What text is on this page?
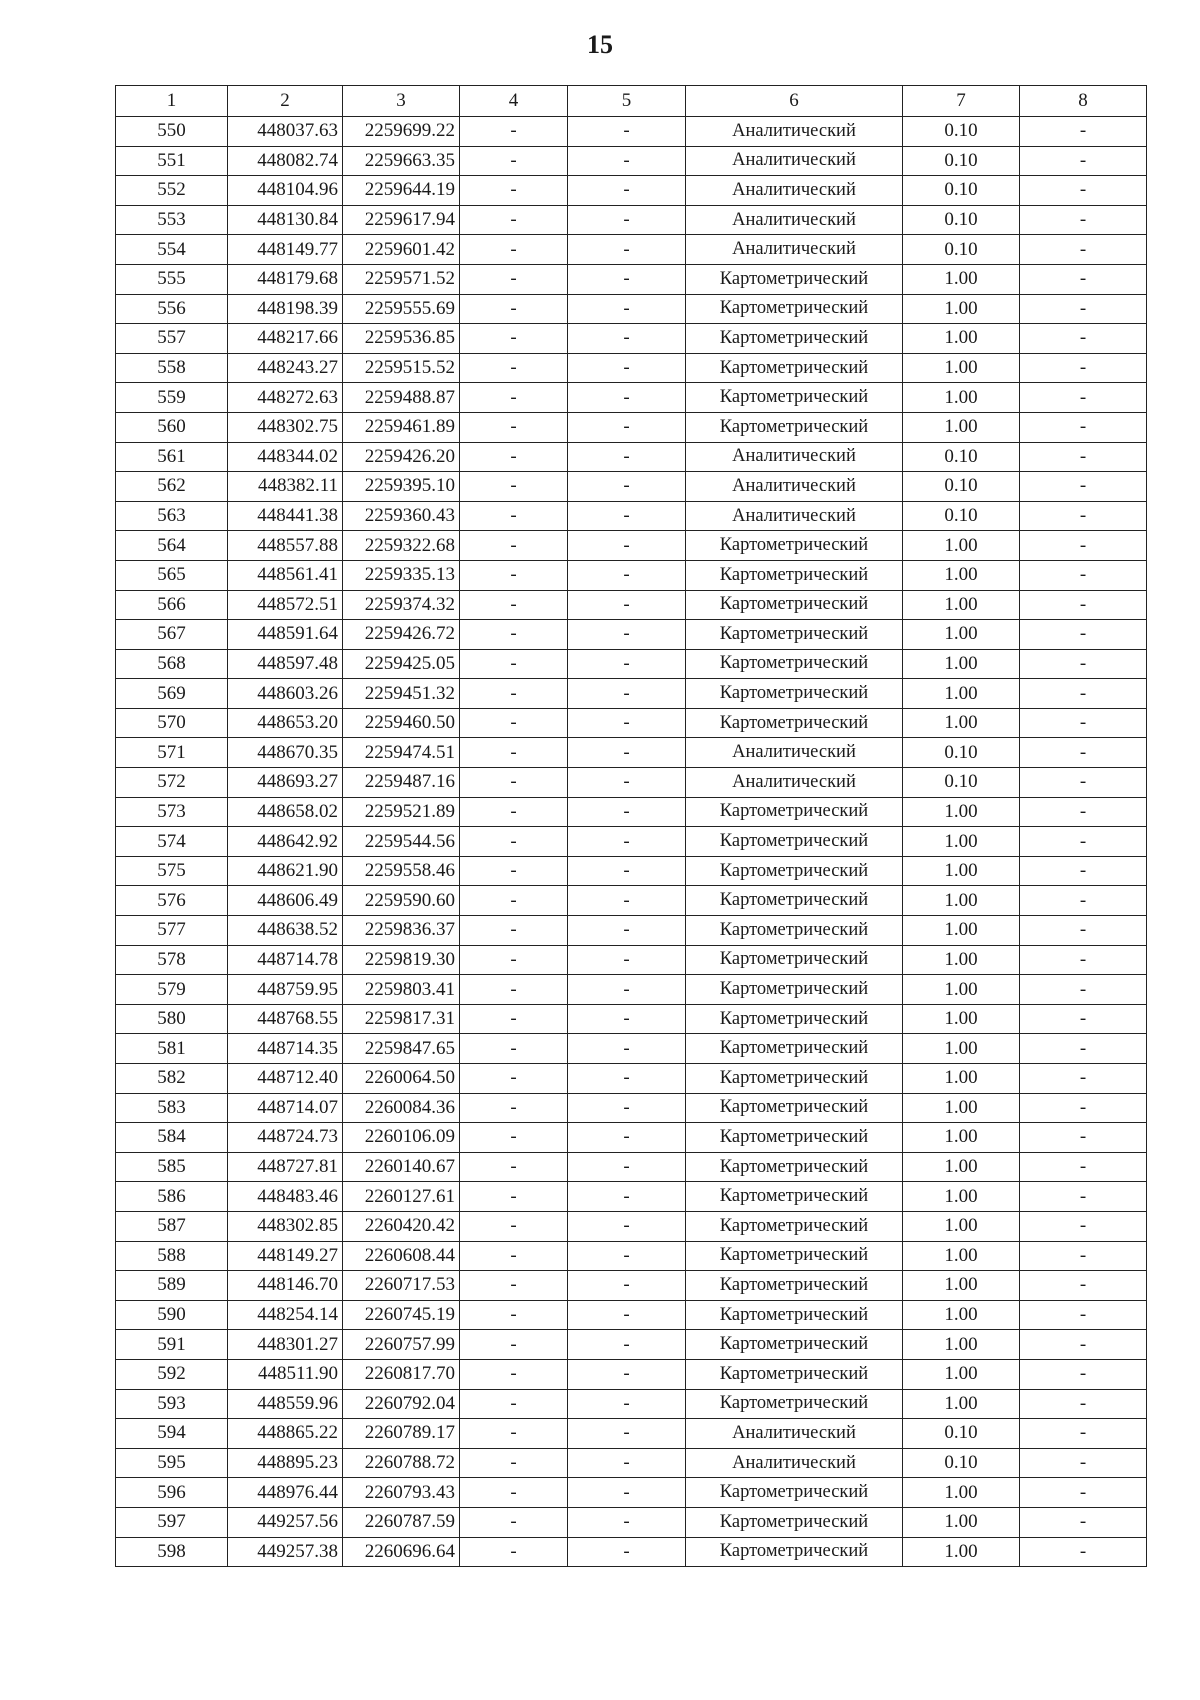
15
1	2	3	4	5	6	7	8
550	448037.63	2259699.22	-	-	Аналитический	0.10	-
551	448082.74	2259663.35	-	-	Аналитический	0.10	-
552	448104.96	2259644.19	-	-	Аналитический	0.10	-
553	448130.84	2259617.94	-	-	Аналитический	0.10	-
554	448149.77	2259601.42	-	-	Аналитический	0.10	-
555	448179.68	2259571.52	-	-	Картометрический	1.00	-
556	448198.39	2259555.69	-	-	Картометрический	1.00	-
557	448217.66	2259536.85	-	-	Картометрический	1.00	-
558	448243.27	2259515.52	-	-	Картометрический	1.00	-
559	448272.63	2259488.87	-	-	Картометрический	1.00	-
560	448302.75	2259461.89	-	-	Картометрический	1.00	-
561	448344.02	2259426.20	-	-	Аналитический	0.10	-
562	448382.11	2259395.10	-	-	Аналитический	0.10	-
563	448441.38	2259360.43	-	-	Аналитический	0.10	-
564	448557.88	2259322.68	-	-	Картометрический	1.00	-
565	448561.41	2259335.13	-	-	Картометрический	1.00	-
566	448572.51	2259374.32	-	-	Картометрический	1.00	-
567	448591.64	2259426.72	-	-	Картометрический	1.00	-
568	448597.48	2259425.05	-	-	Картометрический	1.00	-
569	448603.26	2259451.32	-	-	Картометрический	1.00	-
570	448653.20	2259460.50	-	-	Картометрический	1.00	-
571	448670.35	2259474.51	-	-	Аналитический	0.10	-
572	448693.27	2259487.16	-	-	Аналитический	0.10	-
573	448658.02	2259521.89	-	-	Картометрический	1.00	-
574	448642.92	2259544.56	-	-	Картометрический	1.00	-
575	448621.90	2259558.46	-	-	Картометрический	1.00	-
576	448606.49	2259590.60	-	-	Картометрический	1.00	-
577	448638.52	2259836.37	-	-	Картометрический	1.00	-
578	448714.78	2259819.30	-	-	Картометрический	1.00	-
579	448759.95	2259803.41	-	-	Картометрический	1.00	-
580	448768.55	2259817.31	-	-	Картометрический	1.00	-
581	448714.35	2259847.65	-	-	Картометрический	1.00	-
582	448712.40	2260064.50	-	-	Картометрический	1.00	-
583	448714.07	2260084.36	-	-	Картометрический	1.00	-
584	448724.73	2260106.09	-	-	Картометрический	1.00	-
585	448727.81	2260140.67	-	-	Картометрический	1.00	-
586	448483.46	2260127.61	-	-	Картометрический	1.00	-
587	448302.85	2260420.42	-	-	Картометрический	1.00	-
588	448149.27	2260608.44	-	-	Картометрический	1.00	-
589	448146.70	2260717.53	-	-	Картометрический	1.00	-
590	448254.14	2260745.19	-	-	Картометрический	1.00	-
591	448301.27	2260757.99	-	-	Картометрический	1.00	-
592	448511.90	2260817.70	-	-	Картометрический	1.00	-
593	448559.96	2260792.04	-	-	Картометрический	1.00	-
594	448865.22	2260789.17	-	-	Аналитический	0.10	-
595	448895.23	2260788.72	-	-	Аналитический	0.10	-
596	448976.44	2260793.43	-	-	Картометрический	1.00	-
597	449257.56	2260787.59	-	-	Картометрический	1.00	-
598	449257.38	2260696.64	-	-	Картометрический	1.00	-
